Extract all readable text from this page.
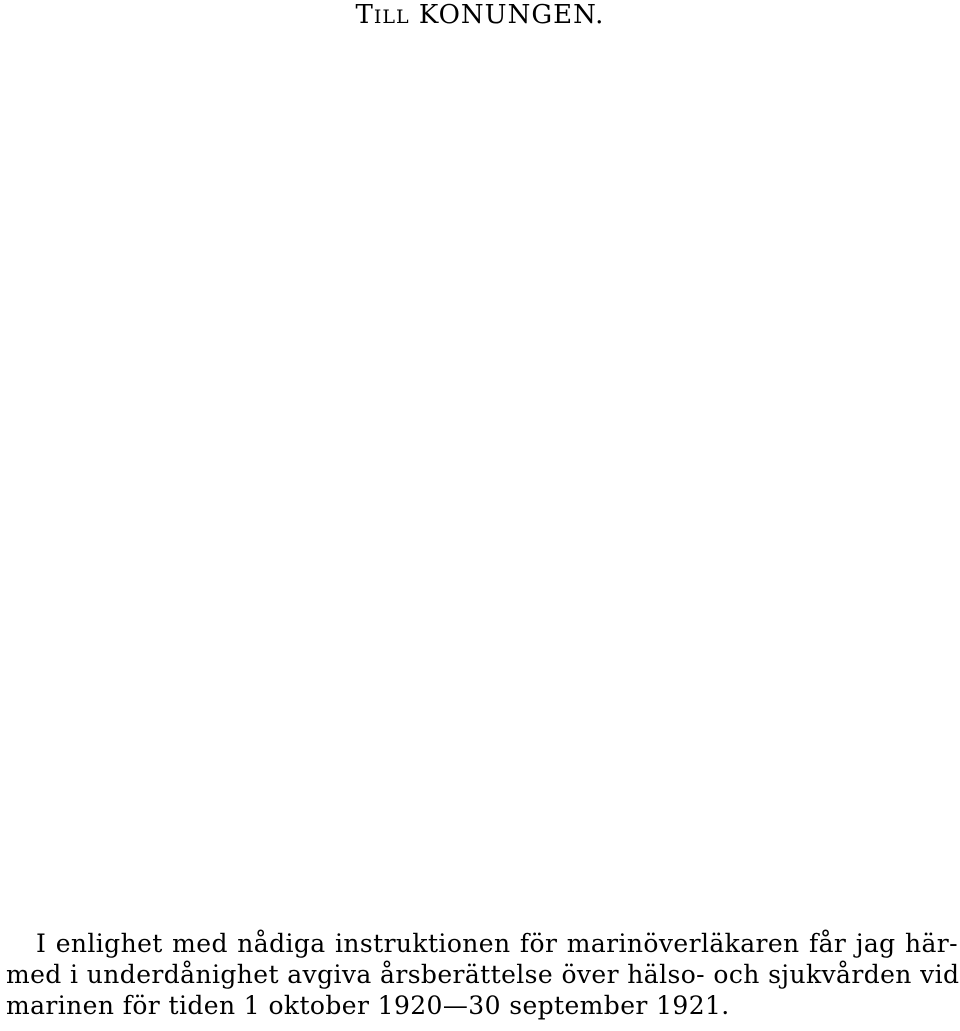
TILL KONUNGEN.
I enlighet med nådiga instruktionen för marinöverläkaren får jag här-
med i underdånighet avgiva årsberättelse över hälso- och sjukvården vid
marinen för tiden 1 oktober 1920—30 september 1921.
